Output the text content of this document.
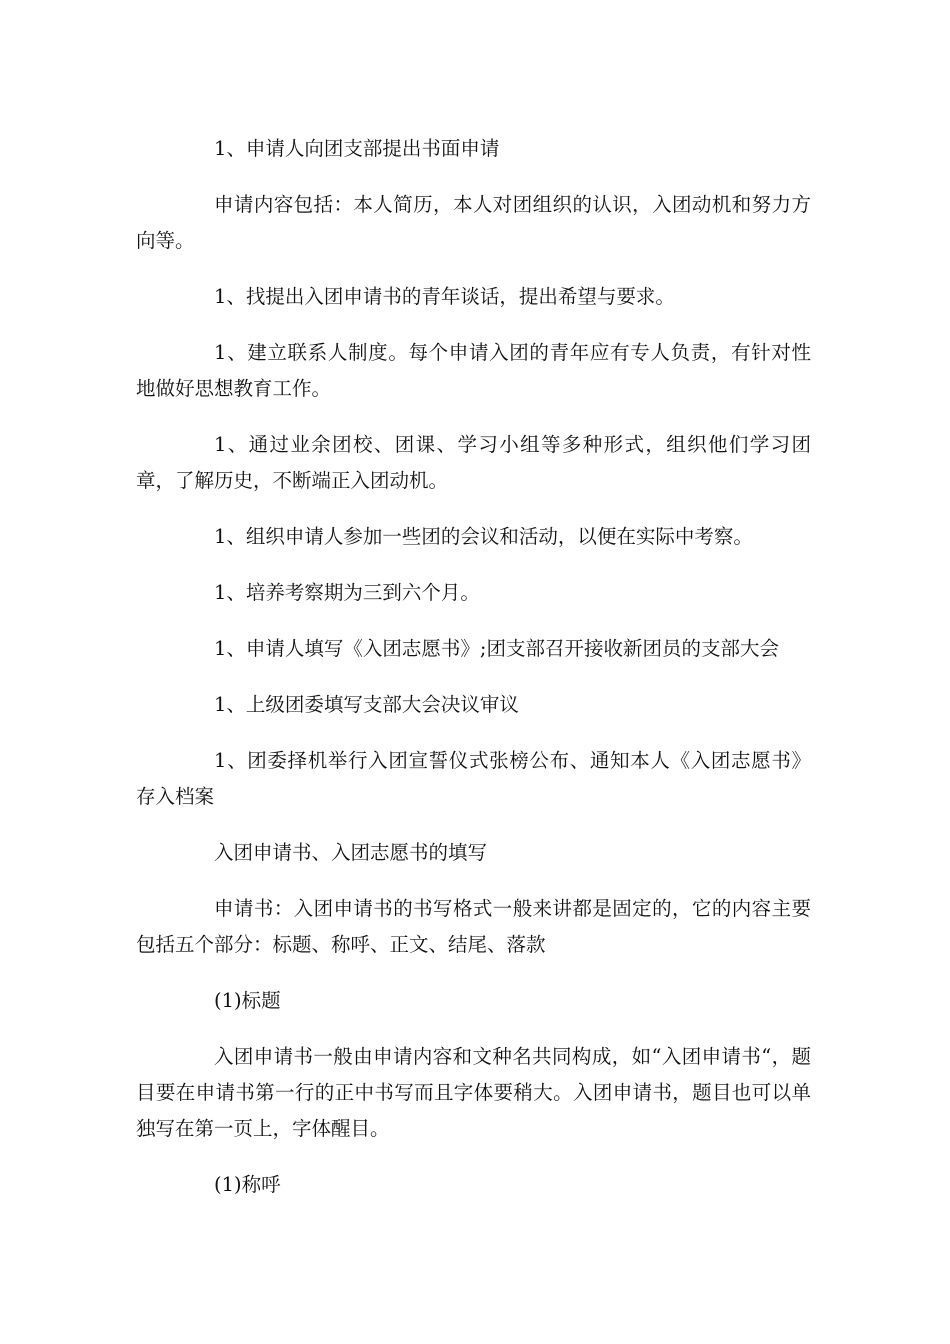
1、申请人向团支部提出书面申请

申请内容包括：本人简历，本人对团组织的认识，入团动机和努力方向等。

1、找提出入团申请书的青年谈话，提出希望与要求。

1、建立联系人制度。每个申请入团的青年应有专人负责，有针对性地做好思想教育工作。

1、通过业余团校、团课、学习小组等多种形式，组织他们学习团章，了解历史，不断端正入团动机。

1、组织申请人参加一些团的会议和活动，以便在实际中考察。

1、培养考察期为三到六个月。

1、申请人填写《入团志愿书》;团支部召开接收新团员的支部大会

1、上级团委填写支部大会决议审议

1、团委择机举行入团宣誓仪式张榜公布、通知本人《入团志愿书》存入档案

入团申请书、入团志愿书的填写

申请书：入团申请书的书写格式一般来讲都是固定的，它的内容主要包括五个部分：标题、称呼、正文、结尾、落款

(1)标题

入团申请书一般由申请内容和文种名共同构成，如“入团申请书“，题目要在申请书第一行的正中书写而且字体要稍大。入团申请书，题目也可以单独写在第一页上，字体醒目。

(1)称呼
